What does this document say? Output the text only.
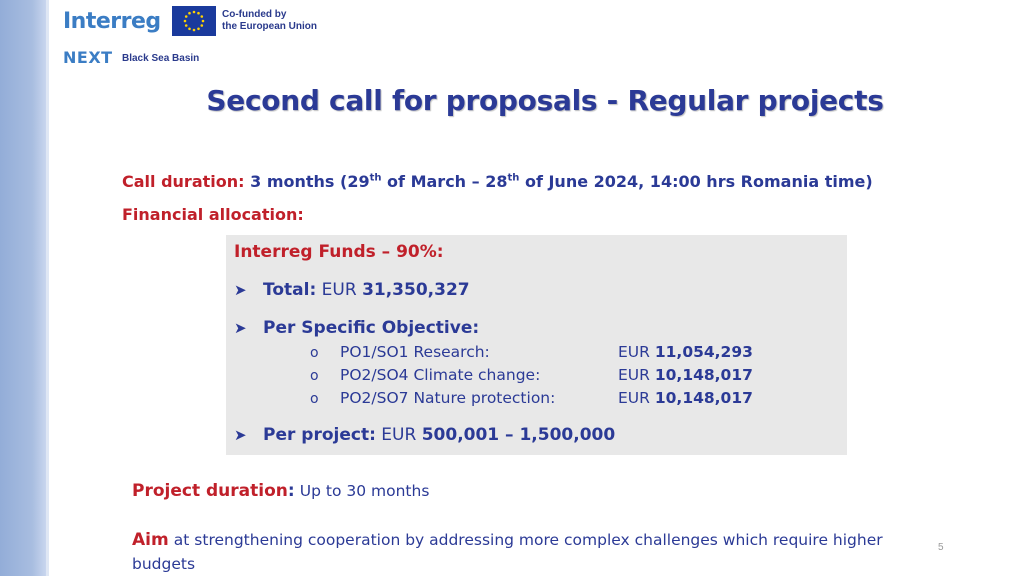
Interreg	Co-funded by
the European Union
NEXT Black Sea Basin
Second call for proposals - Regular projects
Call duration: 3 months (29th of March – 28th of June 2024, 14:00 hrs Romania time)
Financial allocation:
Interreg Funds – 90%:
➤ Total: EUR 31,350,327
➤ Per Specific Objective:
o PO1/SO1 Research:	EUR 11,054,293
o PO2/SO4 Climate change:	EUR 10,148,017
o PO2/SO7 Nature protection:	EUR 10,148,017
➤ Per project: EUR 500,001 – 1,500,000
Project duration: Up to 30 months
Aim at strengthening cooperation by addressing more complex challenges which require higher
budgets
5
